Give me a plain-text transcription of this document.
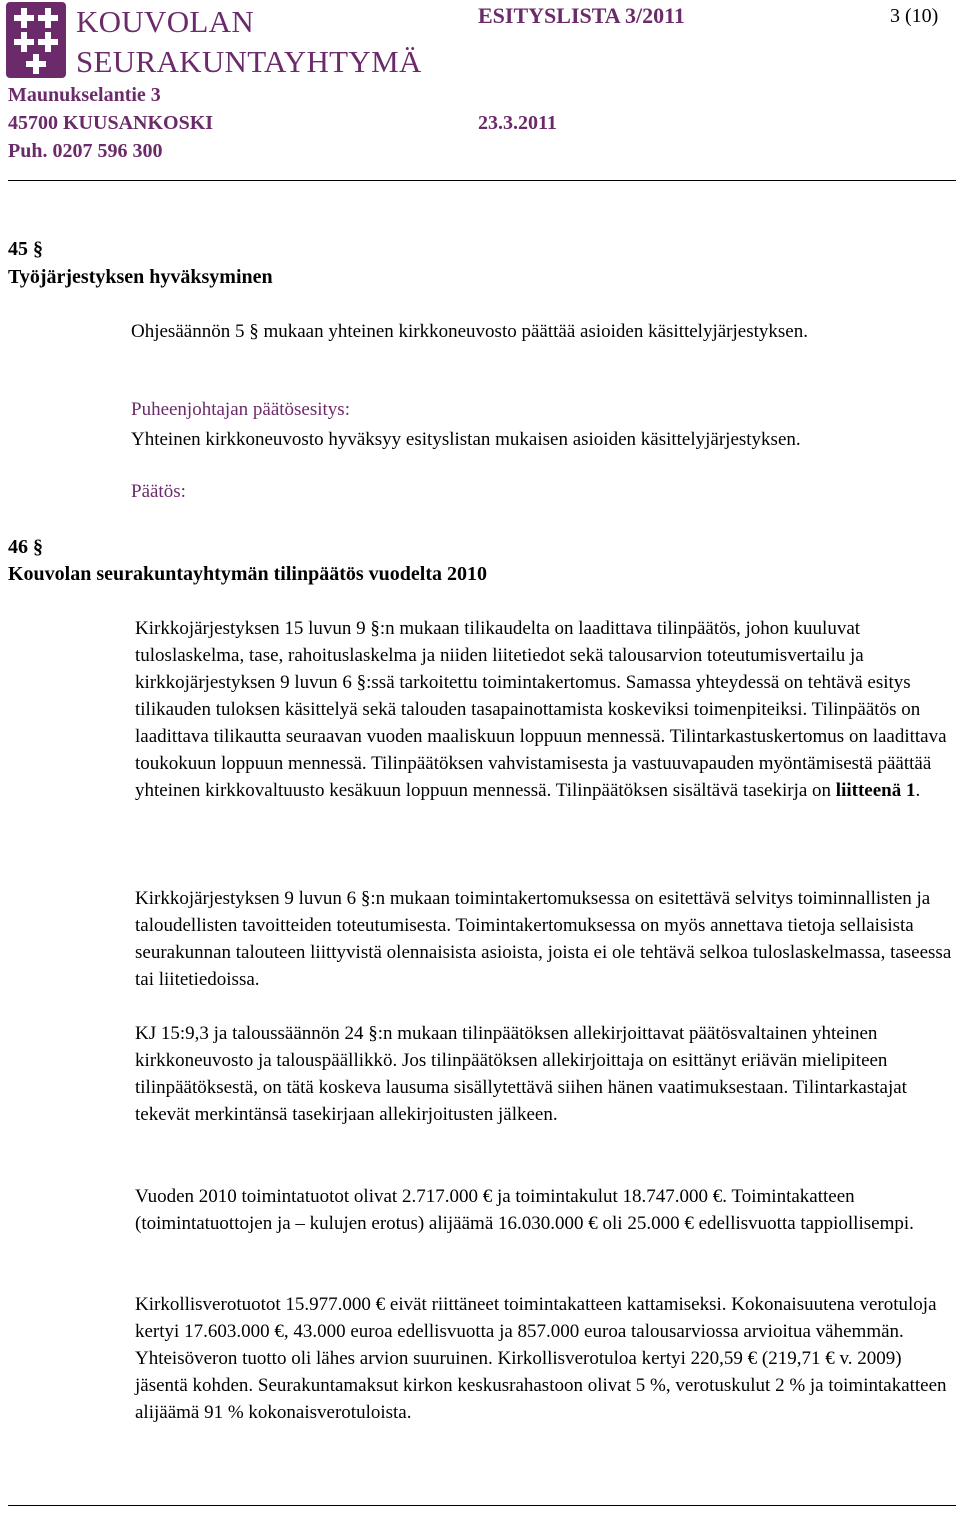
KOUVOLAN
SEURAKUNTAYHTYMÄ
ESITYSLISTA 3/2011	3 (10)
Maunukselantie 3
45700 KUUSANKOSKI	23.3.2011
Puh. 0207 596 300
45 §
Työjärjestyksen hyväksyminen

Ohjesäännön 5 § mukaan yhteinen kirkkoneuvosto päättää asioiden käsittelyjärjestyksen.

Puheenjohtajan päätösesitys:

Yhteinen kirkkoneuvosto hyväksyy esityslistan mukaisen asioiden käsittelyjärjestyksen.

Päätös:
46 §
Kouvolan seurakuntayhtymän tilinpäätös vuodelta 2010

Kirkkojärjestyksen 15 luvun 9 §:n mukaan tilikaudelta on laadittava tilinpäätös, johon kuuluvat tuloslaskelma, tase, rahoituslaskelma ja niiden liitetiedot sekä talousarvion toteutumisvertailu ja kirkkojärjestyksen 9 luvun 6 §:ssä tarkoitettu toimintakertomus. Samassa yhteydessä on tehtävä esitys tilikauden tuloksen käsittelyä sekä talouden tasapainottamista koskeviksi toimenpiteiksi. Tilinpäätös on laadittava tilikautta seuraavan vuoden maaliskuun loppuun mennessä. Tilintarkastuskertomus on laadittava toukokuun loppuun mennessä. Tilinpäätöksen vahvistamisesta ja vastuuvapauden myöntämisestä päättää yhteinen kirkkovaltuusto kesäkuun loppuun mennessä. Tilinpäätöksen sisältävä tasekirja on liitteenä 1.

Kirkkojärjestyksen 9 luvun 6 §:n mukaan toimintakertomuksessa on esitettävä selvitys toiminnallisten ja taloudellisten tavoitteiden toteutumisesta. Toimintakertomuksessa on myös annettava tietoja sellaisista seurakunnan talouteen liittyvistä olennaisista asioista, joista ei ole tehtävä selkoa tuloslaskelmassa, taseessa tai liitetiedoissa.

KJ 15:9,3 ja taloussäännön 24 §:n mukaan tilinpäätöksen allekirjoittavat päätösvaltainen yhteinen kirkkoneuvosto ja talouspäällikkö. Jos tilinpäätöksen allekirjoittaja on esittänyt eriävän mielipiteen tilinpäätöksestä, on tätä koskeva lausuma sisällytettävä siihen hänen vaatimuksestaan. Tilintarkastajat tekevät merkintänsä tasekirjaan allekirjoitusten jälkeen.

Vuoden 2010 toimintatuotot olivat 2.717.000 € ja toimintakulut 18.747.000 €. Toimintakatteen (toimintatuottojen ja – kulujen erotus) alijäämä 16.030.000 € oli 25.000 € edellisvuotta tappiollisempi.

Kirkollisverotuotot 15.977.000 € eivät riittäneet toimintakatteen kattamiseksi. Kokonaisuutena verotuloja kertyi 17.603.000 €, 43.000 euroa edellisvuotta ja 857.000 euroa talousarviossa arvioitua vähemmän. Yhteisöveron tuotto oli lähes arvion suuruinen. Kirkollisverotuloa kertyi 220,59 € (219,71 € v. 2009) jäsentä kohden. Seurakuntamaksut kirkon keskusrahastoon olivat 5 %, verotuskulut 2 % ja toimintakatteen alijäämä 91 % kokonaisverotuloista.
